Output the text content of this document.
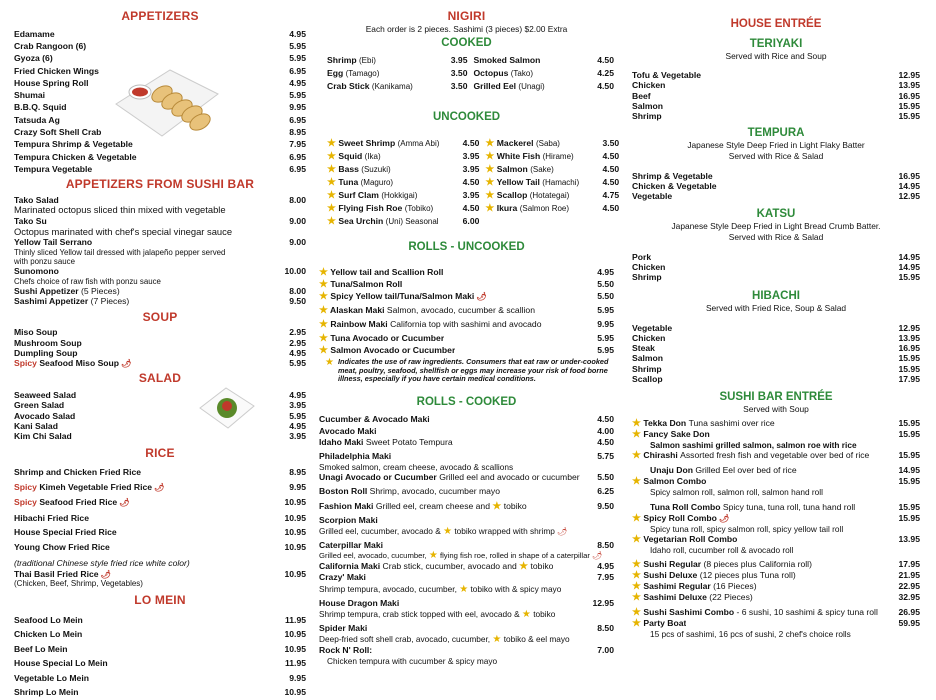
APPETIZERS
Edamame	4.95
Crab Rangoon (6)	5.95
Gyoza (6)	5.95
Fried Chicken Wings	6.95
House Spring Roll	4.95
Shumai	5.95
B.B.Q. Squid	9.95
Tatsuda Ag	6.95
Crazy Soft Shell Crab	8.95
Tempura Shrimp & Vegetable	7.95
Tempura Chicken & Vegetable	6.95
Tempura Vegetable	6.95
APPETIZERS FROM SUSHI BAR
Tako Salad	8.00
Marinated octopus sliced thin mixed with vegetable
Tako Su	9.00
Octopus marinated with chef's special vinegar sauce
Yellow Tail Serrano	9.00
Thinly sliced Yellow tail dressed with jalapeño pepper served with ponzu sauce
Sunomono	10.00
Chefs choice of raw fish with ponzu sauce
Sushi Appetizer (5 Pieces)	8.00
Sashimi Appetizer (7 Pieces)	9.50
SOUP
Miso Soup	2.95
Mushroom Soup	2.95
Dumpling Soup	4.95
Spicy Seafood Miso Soup 🌶	5.95
SALAD
Seaweed Salad	4.95
Green Salad	3.95
Avocado Salad	5.95
Kani Salad	4.95
Kim Chi Salad	3.95
RICE
Shrimp and Chicken Fried Rice	8.95
Spicy Kimeh Vegetable Fried Rice 🌶	9.95
Spicy Seafood Fried Rice 🌶	10.95
Hibachi Fried Rice	10.95
House Special Fried Rice	10.95
Young Chow Fried Rice	10.95
(traditional Chinese style fried rice white color)
Thai Basil Fried Rice 🌶	10.95
(Chicken, Beef, Shrimp, Vegetables)
LO MEIN
Seafood Lo Mein	11.95
Chicken Lo Mein	10.95
Beef Lo Mein	10.95
House Special Lo Mein	11.95
Vegetable Lo Mein	9.95
Shrimp Lo Mein	10.95
NIGIRI
Each order is 2 pieces. Sashimi (3 pieces) $2.00 Extra
COOKED
Shrimp (Ebi)	3.95 Smoked Salmon	4.50
Egg (Tamago)	3.50 Octopus (Tako)	4.25
Crab Stick (Kanikama)	3.50 Grilled Eel (Unagi)	4.50
UNCOOKED
★ Sweet Shrimp (Amma Abi)	4.50 ★ Mackerel (Saba)	3.50
★ Squid (Ika)	3.95 ★ White Fish (Hirame)	4.50
★ Bass (Suzuki)	3.95 ★ Salmon (Sake)	4.50
★ Tuna (Maguro)	4.50 ★ Yellow Tail (Hamachi)	4.50
★ Surf Clam (Hokkigai)	3.95 ★ Scallop (Hotategai)	4.75
★ Flying Fish Roe (Tobiko)	4.50 ★ Ikura (Salmon Roe)	4.50
★ Sea Urchin (Uni) Seasonal	6.00
ROLLS - UNCOOKED
★ Yellow tail and Scallion Roll	4.95
★ Tuna/Salmon Roll	5.50
★ Spicy Yellow tail/Tuna/Salmon Maki 🌶	5.50
★ Alaskan Maki Salmon, avocado, cucumber & scallion	5.95
★ Rainbow Maki California top with sashimi and avocado	9.95
★ Tuna Avocado or Cucumber	5.95
★ Salmon Avocado or Cucumber	5.95
★ Indicates the use of raw ingredients. Consumers that eat raw or under-cooked meat, poultry, seafood, shellfish or eggs may increase your risk of food borne illness, especially if you have certain medical conditions.
ROLLS - COOKED
Cucumber & Avocado Maki	4.50
Avocado Maki	4.00
Idaho Maki Sweet Potato Tempura	4.50
Philadelphia Maki	5.75
Smoked salmon, cream cheese, avocado & scallions
Unagi Avocado or Cucumber Grilled eel and avocado or cucumber 5.50
Boston Roll Shrimp, avocado, cucumber mayo	6.25
Fashion Maki Grilled eel, cream cheese and ★ tobiko	9.50
Scorpion Maki
Grilled eel, cucumber, avocado & ★ tobiko wrapped with shrimp 🌶
Caterpillar Maki	8.50
Grilled eel, avocado, cucumber, ★ flying fish roe, rolled in shape of a caterpillar 🌶
California Maki Crab stick, cucumber, avocado and ★ tobiko	4.95
Crazy' Maki	7.95
Shrimp tempura, avocado, cucumber, ★ tobiko with & spicy mayo
House Dragon Maki	12.95
Shrimp tempura, crab stick topped with eel, avocado & ★ tobiko
Spider Maki	8.50
Deep-fried soft shell crab, avocado, cucumber, ★ tobiko & eel mayo
Rock N' Roll:	7.00
Chicken tempura with cucumber & spicy mayo
HOUSE ENTRÉE
TERIYAKI
Served with Rice and Soup
Tofu & Vegetable	12.95
Chicken	13.95
Beef	16.95
Salmon	15.95
Shrimp	15.95
TEMPURA
Japanese Style Deep Fried in Light Flaky Batter
Served with Rice & Salad
Shrimp & Vegetable	16.95
Chicken & Vegetable	14.95
Vegetable	12.95
KATSU
Japanese Style Deep Fried in Light Bread Crumb Batter.
Served with Rice & Salad
Pork	14.95
Chicken	14.95
Shrimp	15.95
HIBACHI
Served with Fried Rice, Soup & Salad
Vegetable	12.95
Chicken	13.95
Steak	16.95
Salmon	15.95
Shrimp	15.95
Scallop	17.95
SUSHI BAR ENTRÉE
Served with Soup
★ Tekka Don Tuna sashimi over rice	15.95
★ Fancy Sake Don	15.95
Salmon sashimi grilled salmon, salmon roe with rice
★ Chirashi Assorted fresh fish and vegetable over bed of rice	15.95
Unaju Don Grilled Eel over bed of rice	14.95
★ Salmon Combo	15.95
Spicy salmon roll, salmon roll, salmon hand roll
Tuna Roll Combo Spicy tuna, tuna roll, tuna hand roll	15.95
★ Spicy Roll Combo 🌶	15.95
Spicy tuna roll, spicy salmon roll, spicy yellow tail roll
★ Vegetarian Roll Combo	13.95
Idaho roll, cucumber roll & avocado roll
★ Sushi Regular (8 pieces plus California roll)	17.95
★ Sushi Deluxe (12 pieces plus Tuna roll)	21.95
★ Sashimi Regular (16 Pieces)	22.95
★ Sashimi Deluxe (22 Pieces)	32.95
★ Sushi Sashimi Combo - 6 sushi, 10 sashimi & spicy tuna roll 26.95
★ Party Boat	59.95
15 pcs of sashimi, 16 pcs of sushi, 2 chef's choice rolls
